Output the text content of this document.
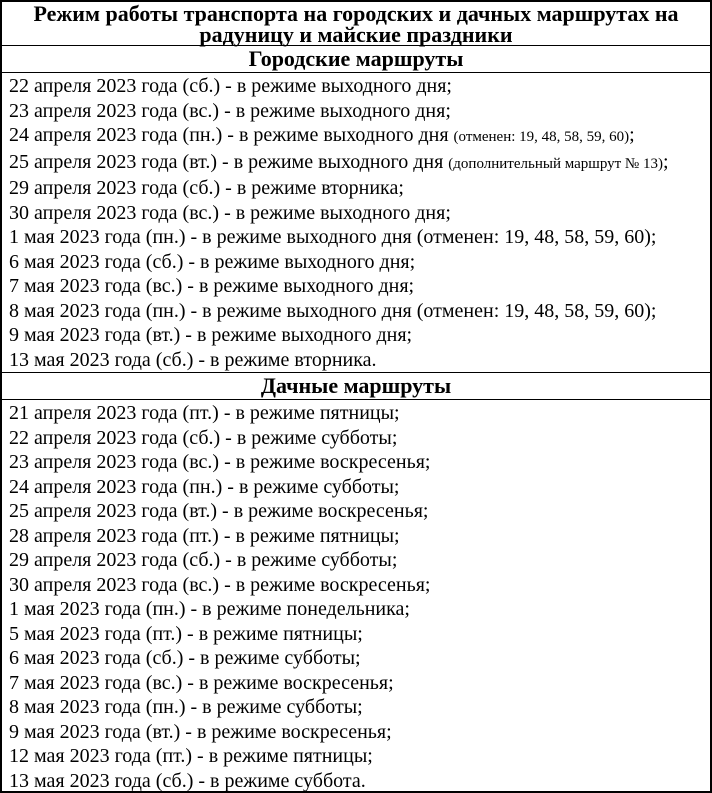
Режим работы транспорта на городских и дачных маршрутах на радуницу и майские праздники
Городские маршруты
22 апреля 2023 года (сб.) - в режиме выходного дня;
23 апреля 2023 года (вс.) - в режиме выходного дня;
24 апреля 2023 года (пн.) - в режиме выходного дня (отменен: 19, 48, 58, 59, 60);
25 апреля 2023 года (вт.) - в режиме выходного дня (дополнительный маршрут № 13);
29 апреля 2023 года (сб.) - в режиме вторника;
30 апреля 2023 года (вс.) - в режиме выходного дня;
1 мая 2023 года (пн.) - в режиме выходного дня (отменен: 19, 48, 58, 59, 60);
6 мая 2023 года (сб.) - в режиме выходного дня;
7 мая 2023 года (вс.) - в режиме выходного дня;
8 мая 2023 года (пн.) - в режиме выходного дня (отменен: 19, 48, 58, 59, 60);
9 мая 2023 года (вт.) - в режиме выходного дня;
13 мая 2023 года (сб.) - в режиме вторника.
Дачные маршруты
21 апреля 2023 года (пт.) - в режиме пятницы;
22 апреля 2023 года (сб.) - в режиме субботы;
23 апреля 2023 года (вс.) - в режиме воскресенья;
24 апреля 2023 года (пн.) - в режиме субботы;
25 апреля 2023 года (вт.) - в режиме воскресенья;
28 апреля 2023 года (пт.) - в режиме пятницы;
29 апреля 2023 года (сб.) - в режиме субботы;
30 апреля 2023 года (вс.) - в режиме воскресенья;
1 мая 2023 года (пн.) - в режиме понедельника;
5 мая 2023 года (пт.) - в режиме пятницы;
6 мая 2023 года (сб.) - в режиме субботы;
7 мая 2023 года (вс.) - в режиме воскресенья;
8 мая 2023 года (пн.) - в режиме субботы;
9 мая 2023 года (вт.) - в режиме воскресенья;
12 мая 2023 года (пт.) - в режиме пятницы;
13 мая 2023 года (сб.) - в режиме суббота.
